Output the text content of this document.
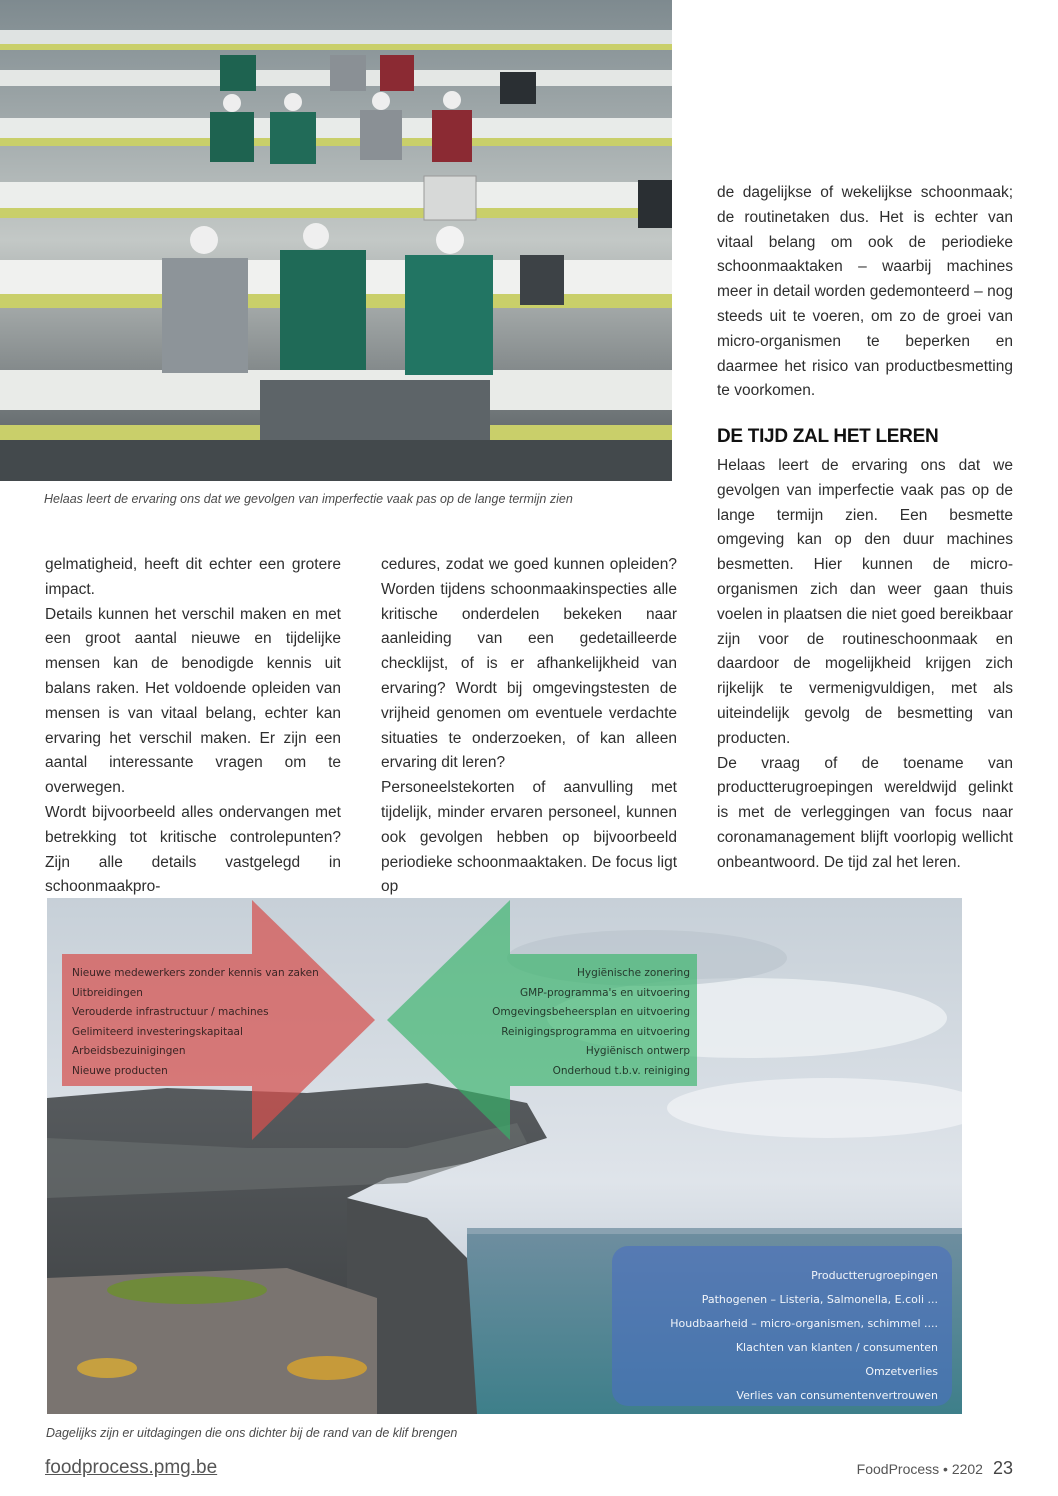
Helaas leert de ervaring ons dat we gevolgen van imperfectie vaak pas op de lange termijn zien

gelmatigheid, heeft dit echter een grotere impact.

Details kunnen het verschil maken en met een groot aantal nieuwe en tijdelijke mensen kan de benodigde kennis uit balans raken. Het voldoende opleiden van mensen is van vitaal belang, echter kan ervaring het verschil maken. Er zijn een aantal interessante vragen om te overwegen.

Wordt bijvoorbeeld alles ondervangen met betrekking tot kritische controlepunten? Zijn alle details vastgelegd in schoonmaakpro-

cedures, zodat we goed kunnen opleiden? Worden tijdens schoonmaakinspecties alle kritische onderdelen bekeken naar aanleiding van een gedetailleerde checklijst, of is er afhankelijkheid van ervaring? Wordt bij omgevingstesten de vrijheid genomen om eventuele verdachte situaties te onderzoeken, of kan alleen ervaring dit leren?

Personeelstekorten of aanvulling met tijdelijk, minder ervaren personeel, kunnen ook gevolgen hebben op bijvoorbeeld periodieke schoonmaaktaken. De focus ligt op

de dagelijkse of wekelijkse schoonmaak; de routinetaken dus. Het is echter van vitaal belang om ook de periodieke schoonmaaktaken – waarbij machines meer in detail worden gedemonteerd – nog steeds uit te voeren, om zo de groei van micro-organismen te beperken en daarmee het risico van productbesmetting te voorkomen.

DE TIJD ZAL HET LEREN

Helaas leert de ervaring ons dat we gevolgen van imperfectie vaak pas op de lange termijn zien. Een besmette omgeving kan op den duur machines besmetten. Hier kunnen de micro-organismen zich dan weer gaan thuis voelen in plaatsen die niet goed bereikbaar zijn voor de routineschoonmaak en daardoor de mogelijkheid krijgen zich rijkelijk te vermenigvuldigen, met als uiteindelijk gevolg de besmetting van producten.

De vraag of de toename van productterugroepingen wereldwijd gelinkt is met de verleggingen van focus naar coronamanagement blijft voorlopig wellicht onbeantwoord. De tijd zal het leren.

Nieuwe medewerkers zonder kennis van zaken
Uitbreidingen
Verouderde infrastructuur / machines
Gelimiteerd investeringskapitaal
Arbeidsbezuinigingen
Nieuwe producten
Hygiënische zonering
GMP-programma's en uitvoering
Omgevingsbeheersplan en uitvoering
Reinigingsprogramma en uitvoering
Hygiënisch ontwerp
Onderhoud t.b.v. reiniging
Productterugroepingen
Pathogenen – Listeria, Salmonella, E.coli ...
Houdbaarheid – micro-organismen, schimmel ....
Klachten van klanten / consumenten
Omzetverlies
Verlies van consumentenvertrouwen
Dagelijks zijn er uitdagingen die ons dichter bij de rand van de klif brengen
foodprocess.pmg.be	FoodProcess • 2202 23
